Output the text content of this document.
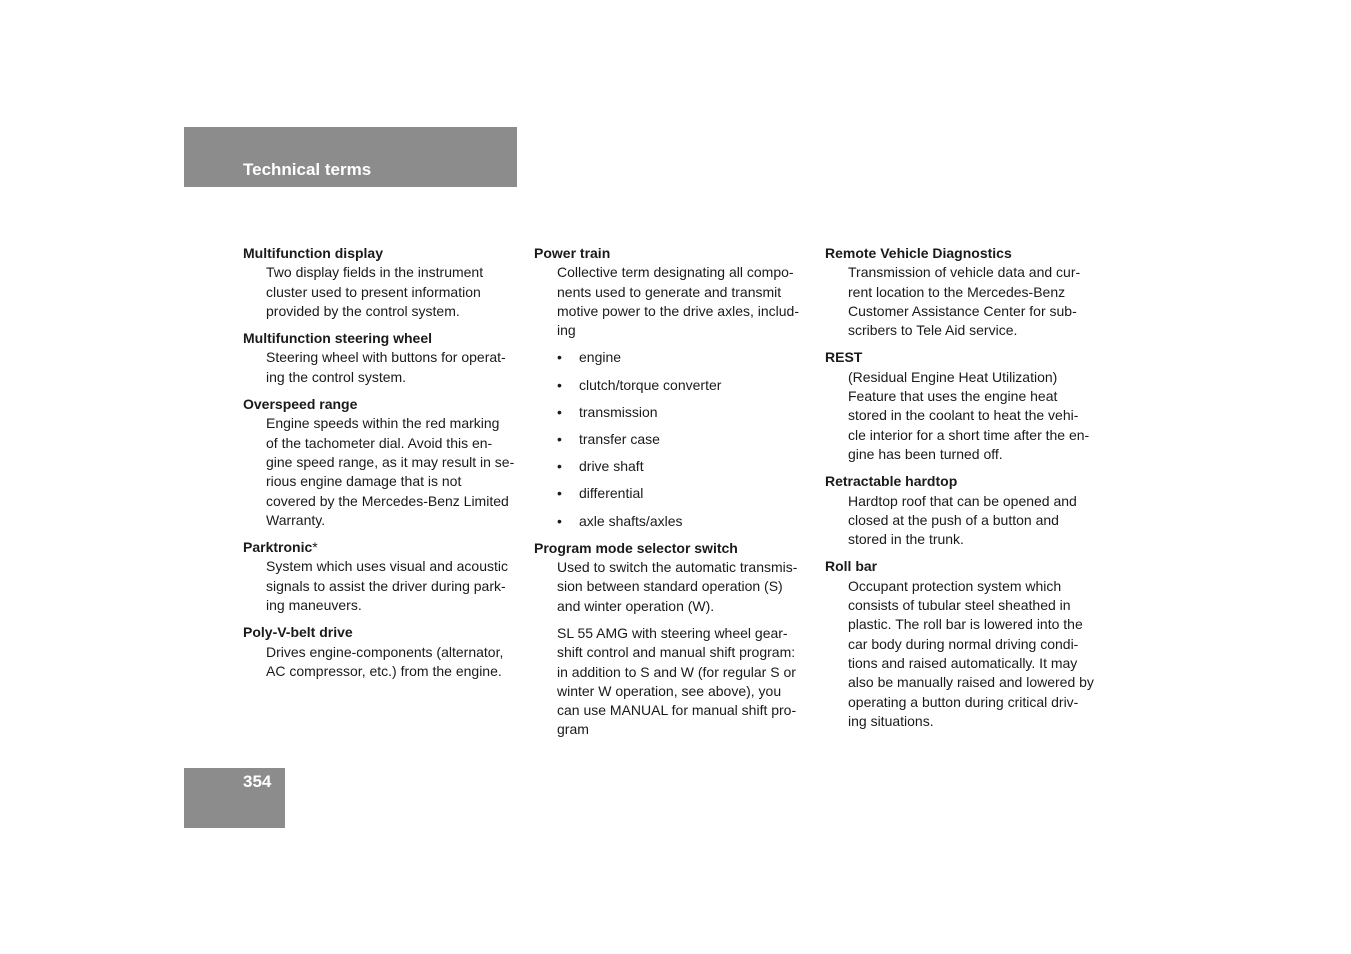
Technical terms
Multifunction display
Two display fields in the instrument
cluster used to present information
provided by the control system.
Multifunction steering wheel
Steering wheel with buttons for operat-
ing the control system.
Overspeed range
Engine speeds within the red marking
of the tachometer dial. Avoid this en-
gine speed range, as it may result in se-
rious engine damage that is not
covered by the Mercedes-Benz Limited
Warranty.
Parktronic*
System which uses visual and acoustic
signals to assist the driver during park-
ing maneuvers.
Poly-V-belt drive
Drives engine-components (alternator,
AC compressor, etc.) from the engine.
Power train
Collective term designating all compo-
nents used to generate and transmit
motive power to the drive axles, includ-
ing
• engine
• clutch/torque converter
• transmission
• transfer case
• drive shaft
• differential
• axle shafts/axles
Program mode selector switch
Used to switch the automatic transmis-
sion between standard operation (S)
and winter operation (W).
SL 55 AMG with steering wheel gear-
shift control and manual shift program:
in addition to S and W (for regular S or
winter W operation, see above), you
can use MANUAL for manual shift pro-
gram
Remote Vehicle Diagnostics
Transmission of vehicle data and cur-
rent location to the Mercedes-Benz
Customer Assistance Center for sub-
scribers to Tele Aid service.
REST
(Residual Engine Heat Utilization)
Feature that uses the engine heat
stored in the coolant to heat the vehi-
cle interior for a short time after the en-
gine has been turned off.
Retractable hardtop
Hardtop roof that can be opened and
closed at the push of a button and
stored in the trunk.
Roll bar
Occupant protection system which
consists of tubular steel sheathed in
plastic. The roll bar is lowered into the
car body during normal driving condi-
tions and raised automatically. It may
also be manually raised and lowered by
operating a button during critical driv-
ing situations.
354
